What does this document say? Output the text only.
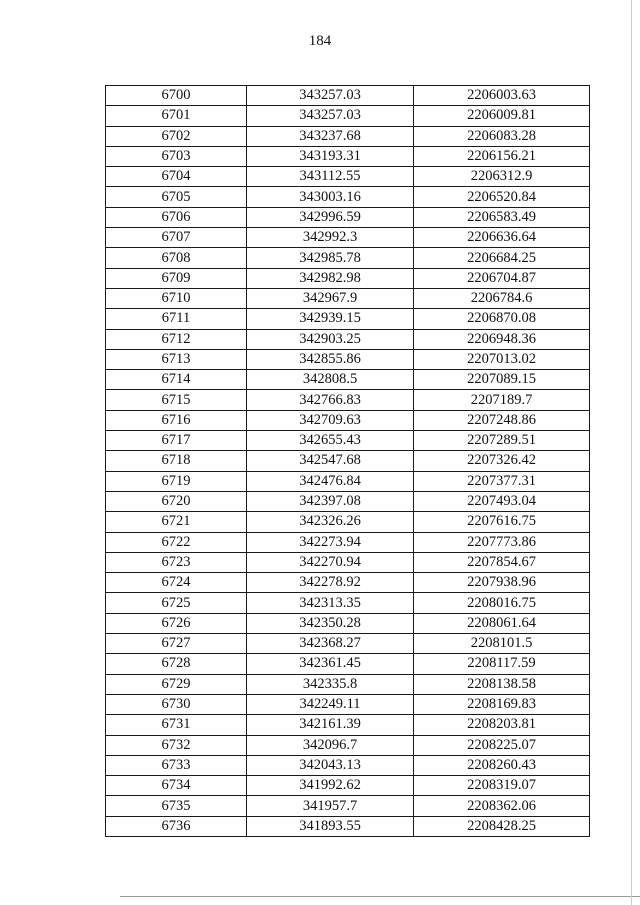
184
6700	343257.03	2206003.63
6701	343257.03	2206009.81
6702	343237.68	2206083.28
6703	343193.31	2206156.21
6704	343112.55	2206312.9
6705	343003.16	2206520.84
6706	342996.59	2206583.49
6707	342992.3	2206636.64
6708	342985.78	2206684.25
6709	342982.98	2206704.87
6710	342967.9	2206784.6
6711	342939.15	2206870.08
6712	342903.25	2206948.36
6713	342855.86	2207013.02
6714	342808.5	2207089.15
6715	342766.83	2207189.7
6716	342709.63	2207248.86
6717	342655.43	2207289.51
6718	342547.68	2207326.42
6719	342476.84	2207377.31
6720	342397.08	2207493.04
6721	342326.26	2207616.75
6722	342273.94	2207773.86
6723	342270.94	2207854.67
6724	342278.92	2207938.96
6725	342313.35	2208016.75
6726	342350.28	2208061.64
6727	342368.27	2208101.5
6728	342361.45	2208117.59
6729	342335.8	2208138.58
6730	342249.11	2208169.83
6731	342161.39	2208203.81
6732	342096.7	2208225.07
6733	342043.13	2208260.43
6734	341992.62	2208319.07
6735	341957.7	2208362.06
6736	341893.55	2208428.25
